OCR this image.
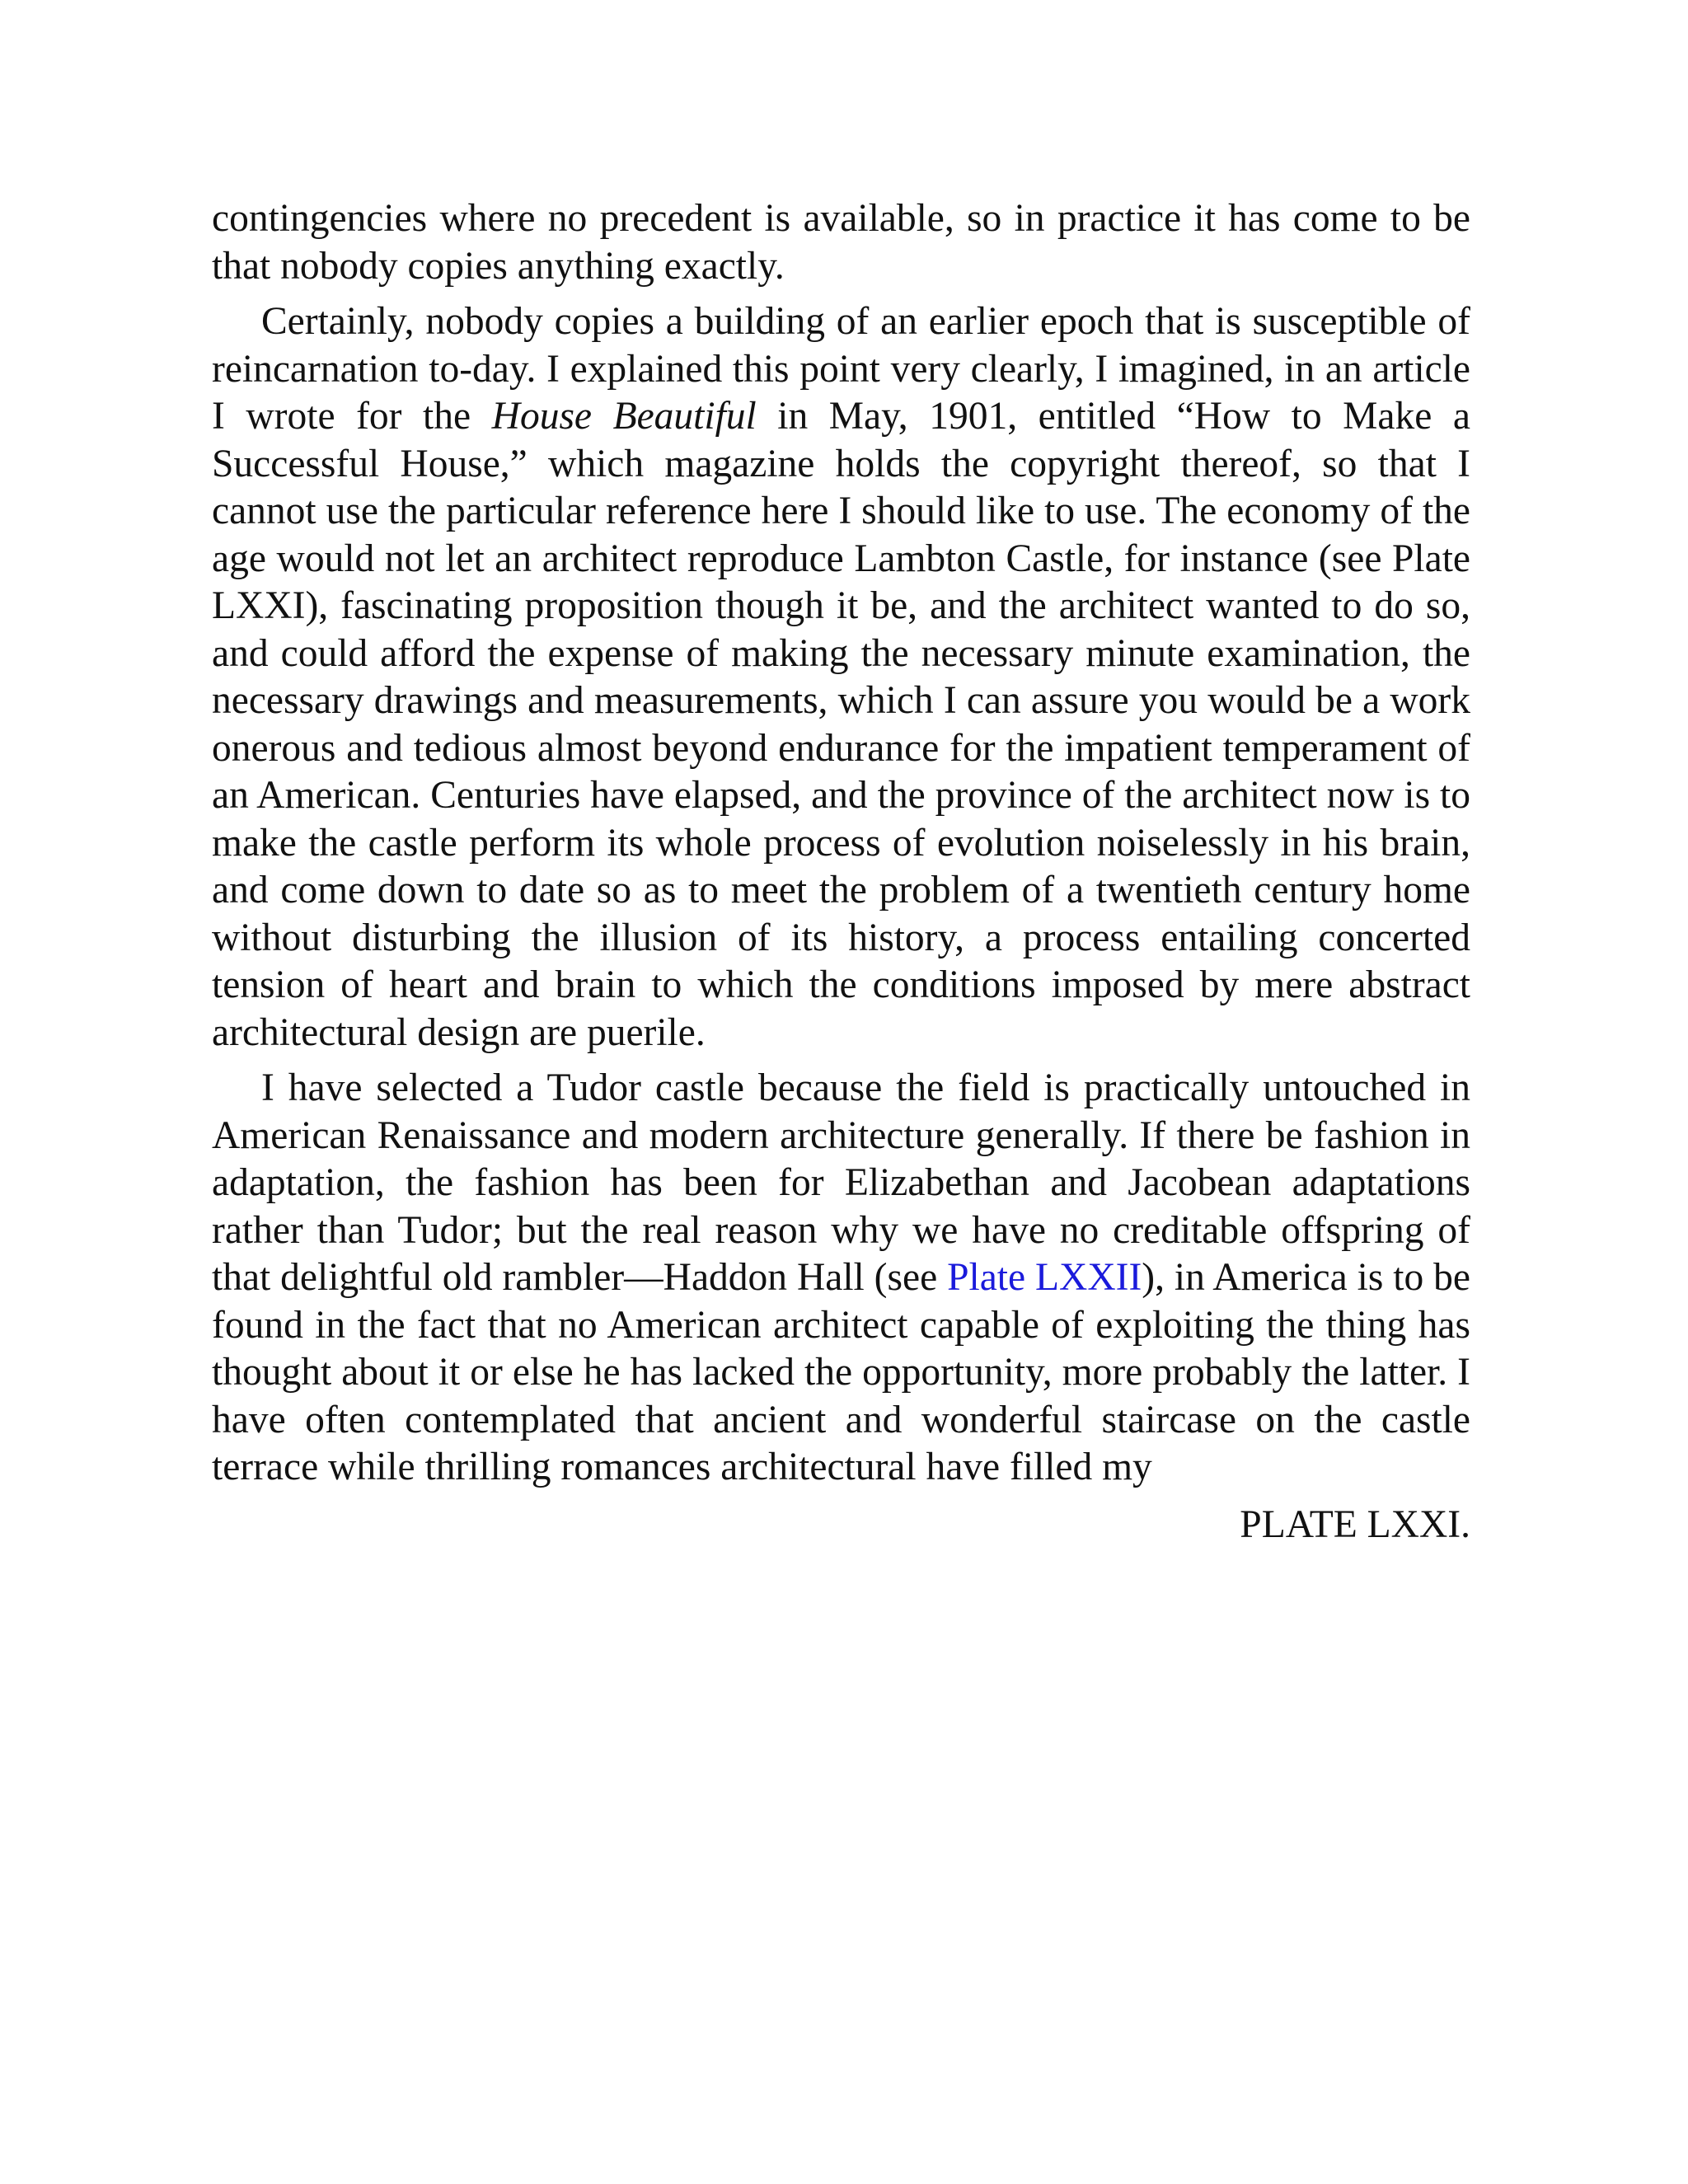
contingencies where no precedent is available, so in practice it has come to be that nobody copies anything exactly.

Certainly, nobody copies a building of an earlier epoch that is susceptible of reincarnation to-day. I explained this point very clearly, I imagined, in an article I wrote for the House Beautiful in May, 1901, entitled “How to Make a Successful House,” which magazine holds the copyright thereof, so that I cannot use the particular reference here I should like to use. The economy of the age would not let an architect reproduce Lambton Castle, for instance (see Plate LXXI), fascinating proposition though it be, and the architect wanted to do so, and could afford the expense of making the necessary minute examination, the necessary drawings and measurements, which I can assure you would be a work onerous and tedious almost beyond endurance for the impatient temperament of an American. Centuries have elapsed, and the province of the architect now is to make the castle perform its whole process of evolution noiselessly in his brain, and come down to date so as to meet the problem of a twentieth century home without disturbing the illusion of its history, a process entailing concerted tension of heart and brain to which the conditions imposed by mere abstract architectural design are puerile.

I have selected a Tudor castle because the field is practically untouched in American Renaissance and modern architecture generally. If there be fashion in adaptation, the fashion has been for Elizabethan and Jacobean adaptations rather than Tudor; but the real reason why we have no creditable offspring of that delightful old rambler—Haddon Hall (see Plate LXXII), in America is to be found in the fact that no American architect capable of exploiting the thing has thought about it or else he has lacked the opportunity, more probably the latter. I have often contemplated that ancient and wonderful staircase on the castle terrace while thrilling romances architectural have filled my

PLATE LXXI.
